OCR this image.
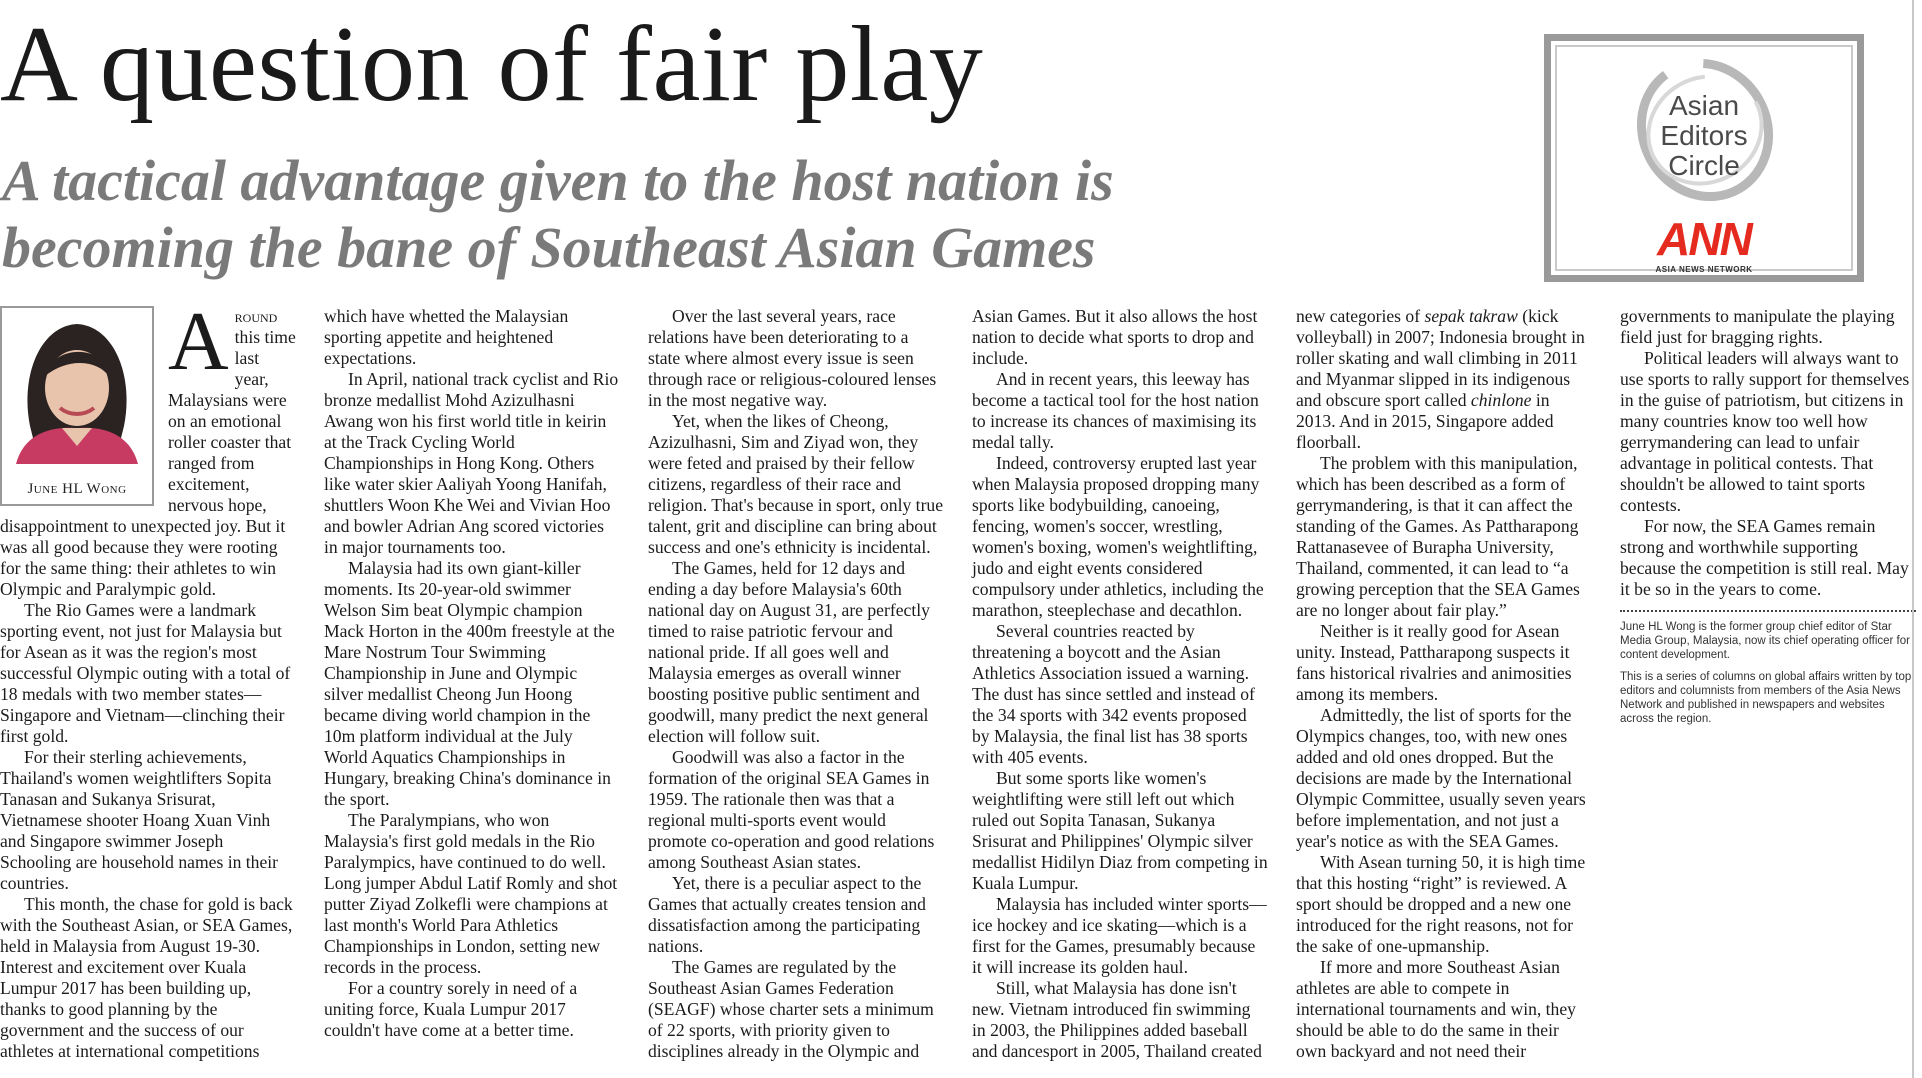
A question of fair play
A tactical advantage given to the host nation is becoming the bane of Southeast Asian Games
Asian
Editors
Circle
ANN
ASIA NEWS NETWORK
June HL Wong

Around this time last year, Malaysians were on an emotional roller coaster that ranged from excitement, nervous hope, disappointment to unexpected joy. But it was all good because they were rooting for the same thing: their athletes to win Olympic and Paralympic gold.

The Rio Games were a landmark sporting event, not just for Malaysia but for Asean as it was the region's most successful Olympic outing with a total of 18 medals with two member states—Singapore and Vietnam—clinching their first gold.

For their sterling achievements, Thailand's women weightlifters Sopita Tanasan and Sukanya Srisurat, Vietnamese shooter Hoang Xuan Vinh and Singapore swimmer Joseph Schooling are household names in their countries.

This month, the chase for gold is back with the Southeast Asian, or SEA Games, held in Malaysia from August 19-30. Interest and excitement over Kuala Lumpur 2017 has been building up, thanks to good planning by the government and the success of our athletes at international competitions which have whetted the Malaysian sporting appetite and heightened expectations.

In April, national track cyclist and Rio bronze medallist Mohd Azizulhasni Awang won his first world title in keirin at the Track Cycling World Championships in Hong Kong. Others like water skier Aaliyah Yoong Hanifah, shuttlers Woon Khe Wei and Vivian Hoo and bowler Adrian Ang scored victories in major tournaments too.

Malaysia had its own giant-killer moments. Its 20-year-old swimmer Welson Sim beat Olympic champion Mack Horton in the 400m freestyle at the Mare Nostrum Tour Swimming Championship in June and Olympic silver medallist Cheong Jun Hoong became diving world champion in the 10m platform individual at the July World Aquatics Championships in Hungary, breaking China's dominance in the sport.

The Paralympians, who won Malaysia's first gold medals in the Rio Paralympics, have continued to do well. Long jumper Abdul Latif Romly and shot putter Ziyad Zolkefli were champions at last month's World Para Athletics Championships in London, setting new records in the process.

For a country sorely in need of a uniting force, Kuala Lumpur 2017 couldn't have come at a better time.

Over the last several years, race relations have been deteriorating to a state where almost every issue is seen through race or religious-coloured lenses in the most negative way.

Yet, when the likes of Cheong, Azizulhasni, Sim and Ziyad won, they were feted and praised by their fellow citizens, regardless of their race and religion. That's because in sport, only true talent, grit and discipline can bring about success and one's ethnicity is incidental.

The Games, held for 12 days and ending a day before Malaysia's 60th national day on August 31, are perfectly timed to raise patriotic fervour and national pride. If all goes well and Malaysia emerges as overall winner boosting positive public sentiment and goodwill, many predict the next general election will follow suit.

Goodwill was also a factor in the formation of the original SEA Games in 1959. The rationale then was that a regional multi-sports event would promote co-operation and good relations among Southeast Asian states.

Yet, there is a peculiar aspect to the Games that actually creates tension and dissatisfaction among the participating nations.

The Games are regulated by the Southeast Asian Games Federation (SEAGF) whose charter sets a minimum of 22 sports, with priority given to disciplines already in the Olympic and Asian Games. But it also allows the host nation to decide what sports to drop and include.

And in recent years, this leeway has become a tactical tool for the host nation to increase its chances of maximising its medal tally.

Indeed, controversy erupted last year when Malaysia proposed dropping many sports like bodybuilding, canoeing, fencing, women's soccer, wrestling, women's boxing, women's weightlifting, judo and eight events considered compulsory under athletics, including the marathon, steeplechase and decathlon.

Several countries reacted by threatening a boycott and the Asian Athletics Association issued a warning. The dust has since settled and instead of the 34 sports with 342 events proposed by Malaysia, the final list has 38 sports with 405 events.

But some sports like women's weightlifting were still left out which ruled out Sopita Tanasan, Sukanya Srisurat and Philippines' Olympic silver medallist Hidilyn Diaz from competing in Kuala Lumpur.

Malaysia has included winter sports—ice hockey and ice skating—which is a first for the Games, presumably because it will increase its golden haul.

Still, what Malaysia has done isn't new. Vietnam introduced fin swimming in 2003, the Philippines added baseball and dancesport in 2005, Thailand created new categories of sepak takraw (kick volleyball) in 2007; Indonesia brought in roller skating and wall climbing in 2011 and Myanmar slipped in its indigenous and obscure sport called chinlone in 2013. And in 2015, Singapore added floorball.

The problem with this manipulation, which has been described as a form of gerrymandering, is that it can affect the standing of the Games. As Pattharapong Rattanasevee of Burapha University, Thailand, commented, it can lead to “a growing perception that the SEA Games are no longer about fair play.”

Neither is it really good for Asean unity. Instead, Pattharapong suspects it fans historical rivalries and animosities among its members.

Admittedly, the list of sports for the Olympics changes, too, with new ones added and old ones dropped. But the decisions are made by the International Olympic Committee, usually seven years before implementation, and not just a year's notice as with the SEA Games.

With Asean turning 50, it is high time that this hosting “right” is reviewed. A sport should be dropped and a new one introduced for the right reasons, not for the sake of one-upmanship.

If more and more Southeast Asian athletes are able to compete in international tournaments and win, they should be able to do the same in their own backyard and not need their governments to manipulate the playing field just for bragging rights.

Political leaders will always want to use sports to rally support for themselves in the guise of patriotism, but citizens in many countries know too well how gerrymandering can lead to unfair advantage in political contests. That shouldn't be allowed to taint sports contests.

For now, the SEA Games remain strong and worthwhile supporting because the competition is still real. May it be so in the years to come.

June HL Wong is the former group chief editor of Star Media Group, Malaysia, now its chief operating officer for content development.
This is a series of columns on global affairs written by top editors and columnists from members of the Asia News Network and published in newspapers and websites across the region.
